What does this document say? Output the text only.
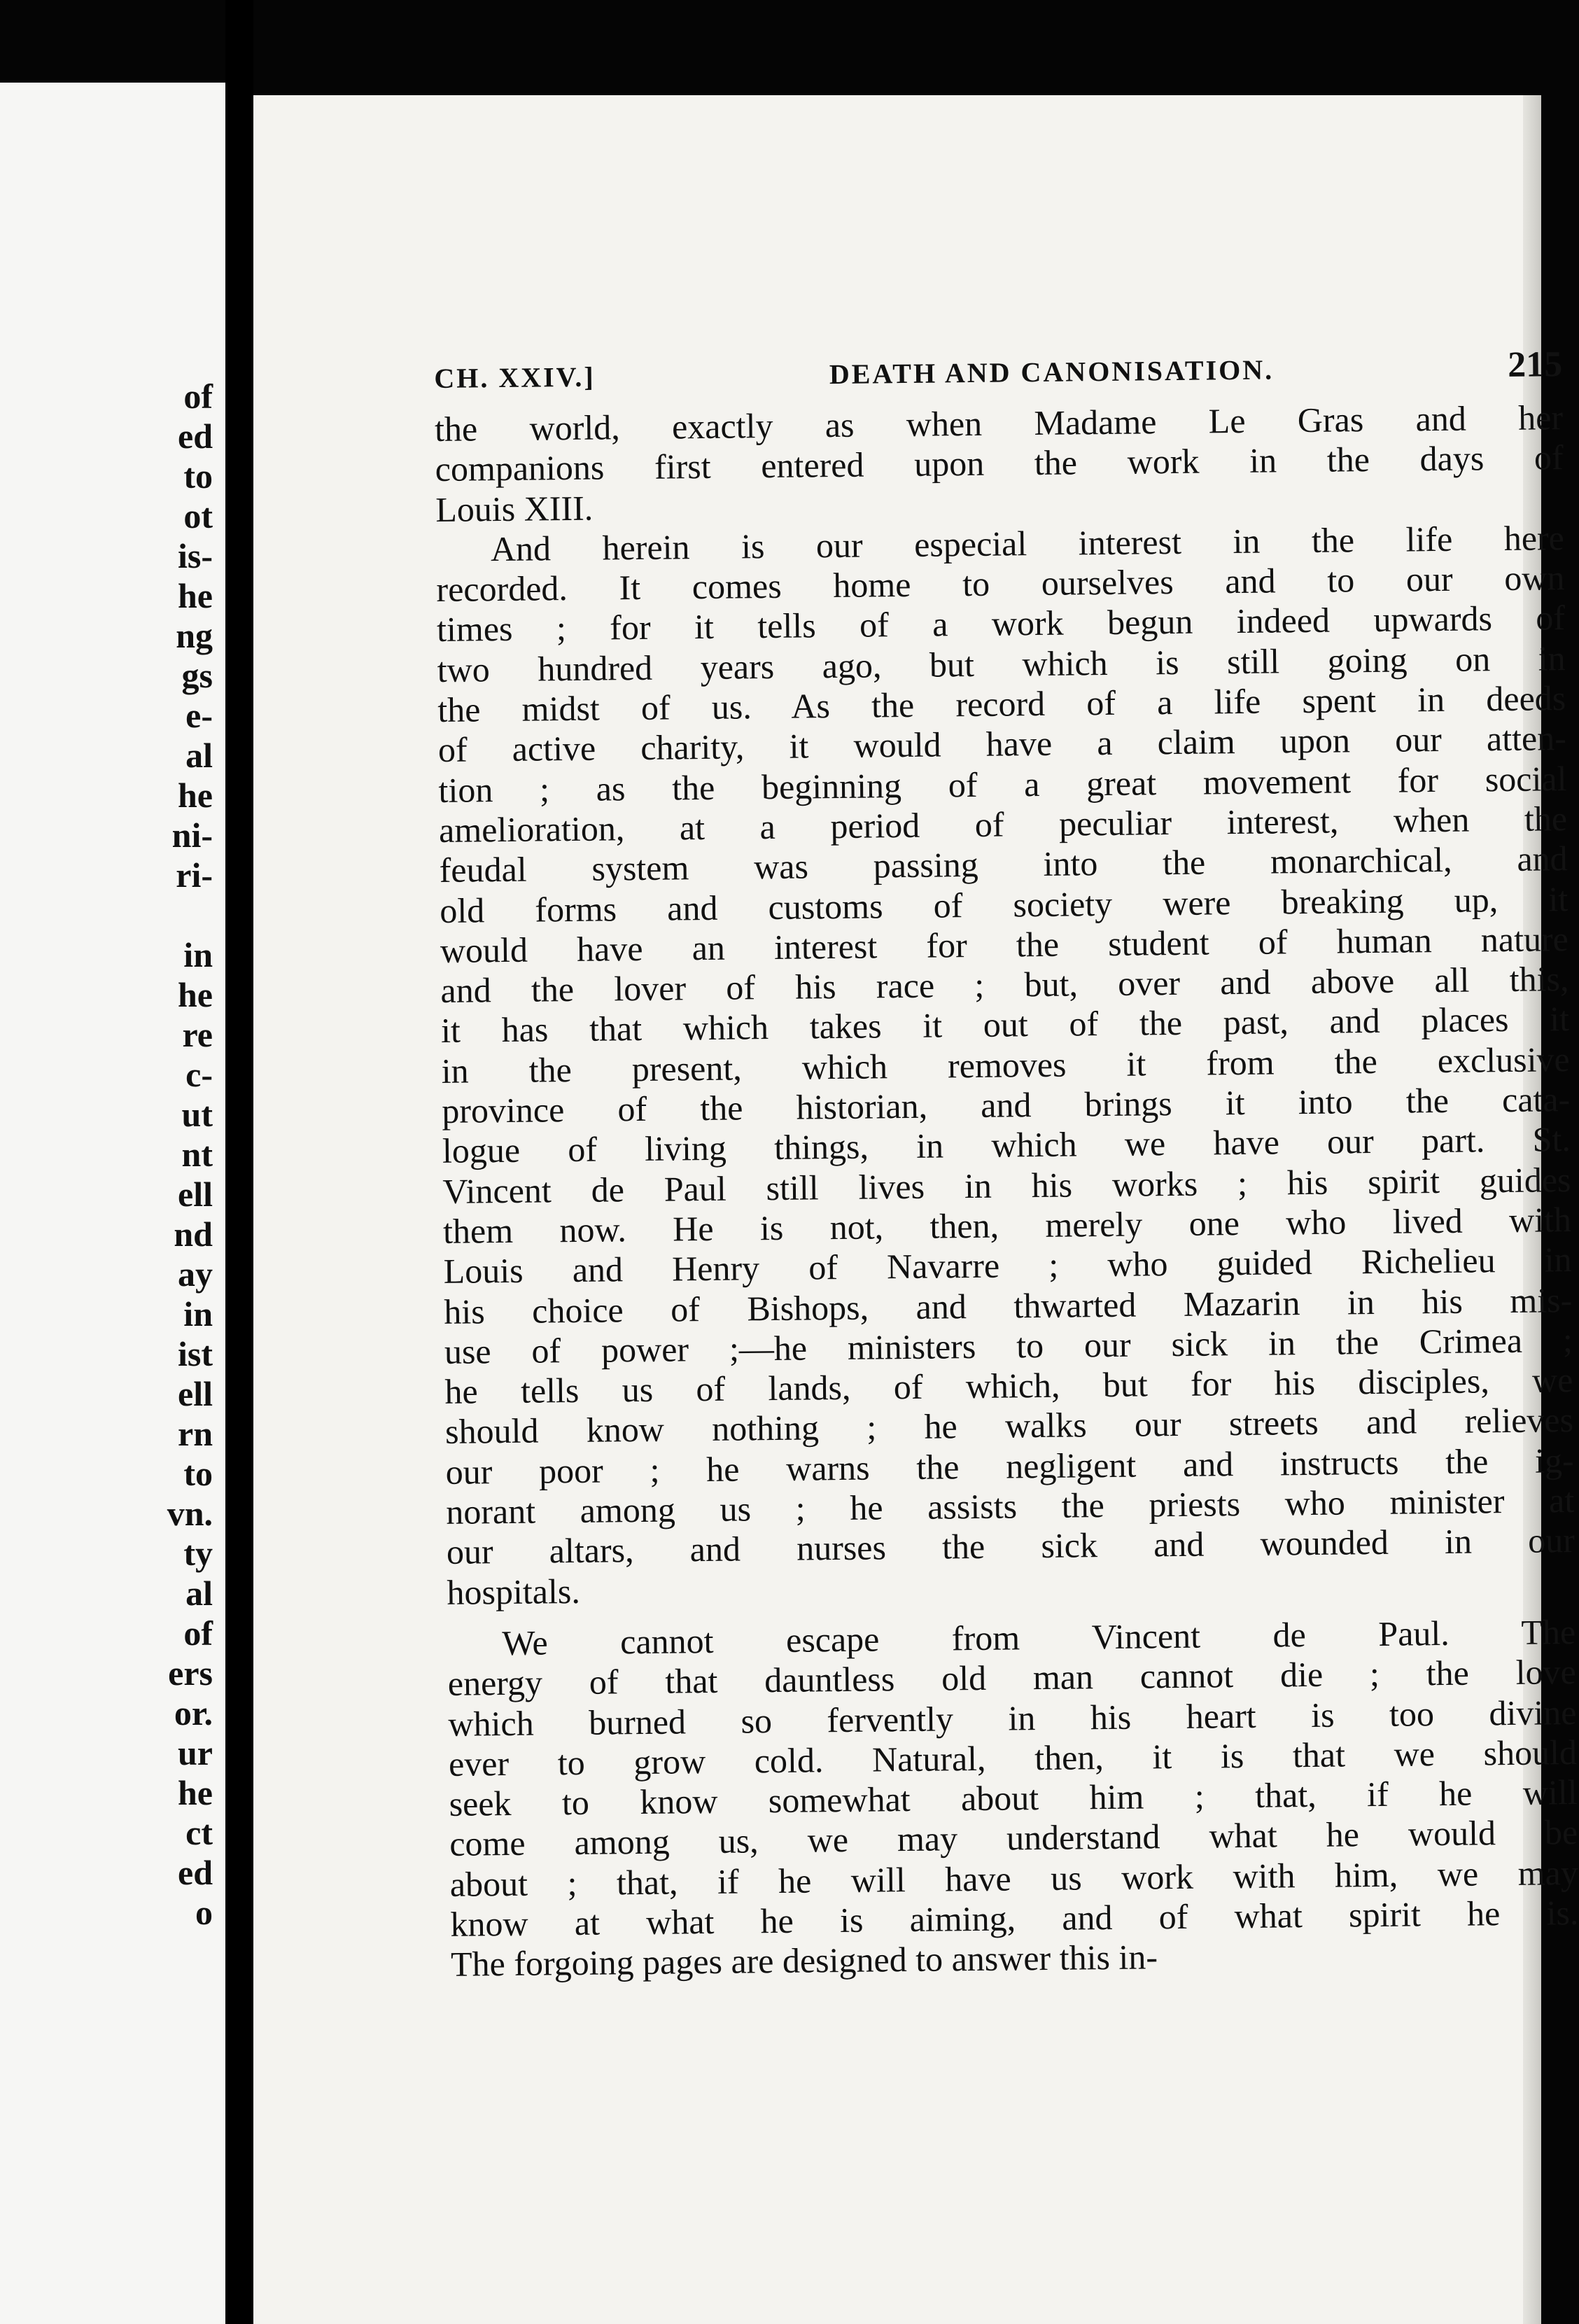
of
ed
to
ot
is-
he
ng
gs
e-
al
he
ni-
ri-
in
he
re
c-
ut
nt
ell
nd
ay
in
ist
ell
rn
to
vn.
ty
al
of
ers
or.
ur
he
ct
ed
o
CH. XXIV.]	DEATH AND CANONISATION.	215
the world, exactly as when Madame Le Gras and her
companions first entered upon the work in the days of
Louis XIII.
And herein is our especial interest in the life here
recorded. It comes home to ourselves and to our own
times ; for it tells of a work begun indeed upwards of
two hundred years ago, but which is still going on in
the midst of us. As the record of a life spent in deeds
of active charity, it would have a claim upon our atten-
tion ; as the beginning of a great movement for social
amelioration, at a period of peculiar interest, when the
feudal system was passing into the monarchical, and
old forms and customs of society were breaking up, it
would have an interest for the student of human nature
and the lover of his race ; but, over and above all this,
it has that which takes it out of the past, and places it
in the present, which removes it from the exclusive
province of the historian, and brings it into the cata-
logue of living things, in which we have our part. St.
Vincent de Paul still lives in his works ; his spirit guides
them now. He is not, then, merely one who lived with
Louis and Henry of Navarre ; who guided Richelieu in
his choice of Bishops, and thwarted Mazarin in his mis-
use of power ;—he ministers to our sick in the Crimea ;
he tells us of lands, of which, but for his disciples, we
should know nothing ; he walks our streets and relieves
our poor ; he warns the negligent and instructs the ig-
norant among us ; he assists the priests who minister at
our altars, and nurses the sick and wounded in our
hospitals.
We cannot escape from Vincent de Paul. The
energy of that dauntless old man cannot die ; the love
which burned so fervently in his heart is too divine
ever to grow cold. Natural, then, it is that we should
seek to know somewhat about him ; that, if he will
come among us, we may understand what he would be
about ; that, if he will have us work with him, we may
know at what he is aiming, and of what spirit he is.
The forgoing pages are designed to answer this in-
